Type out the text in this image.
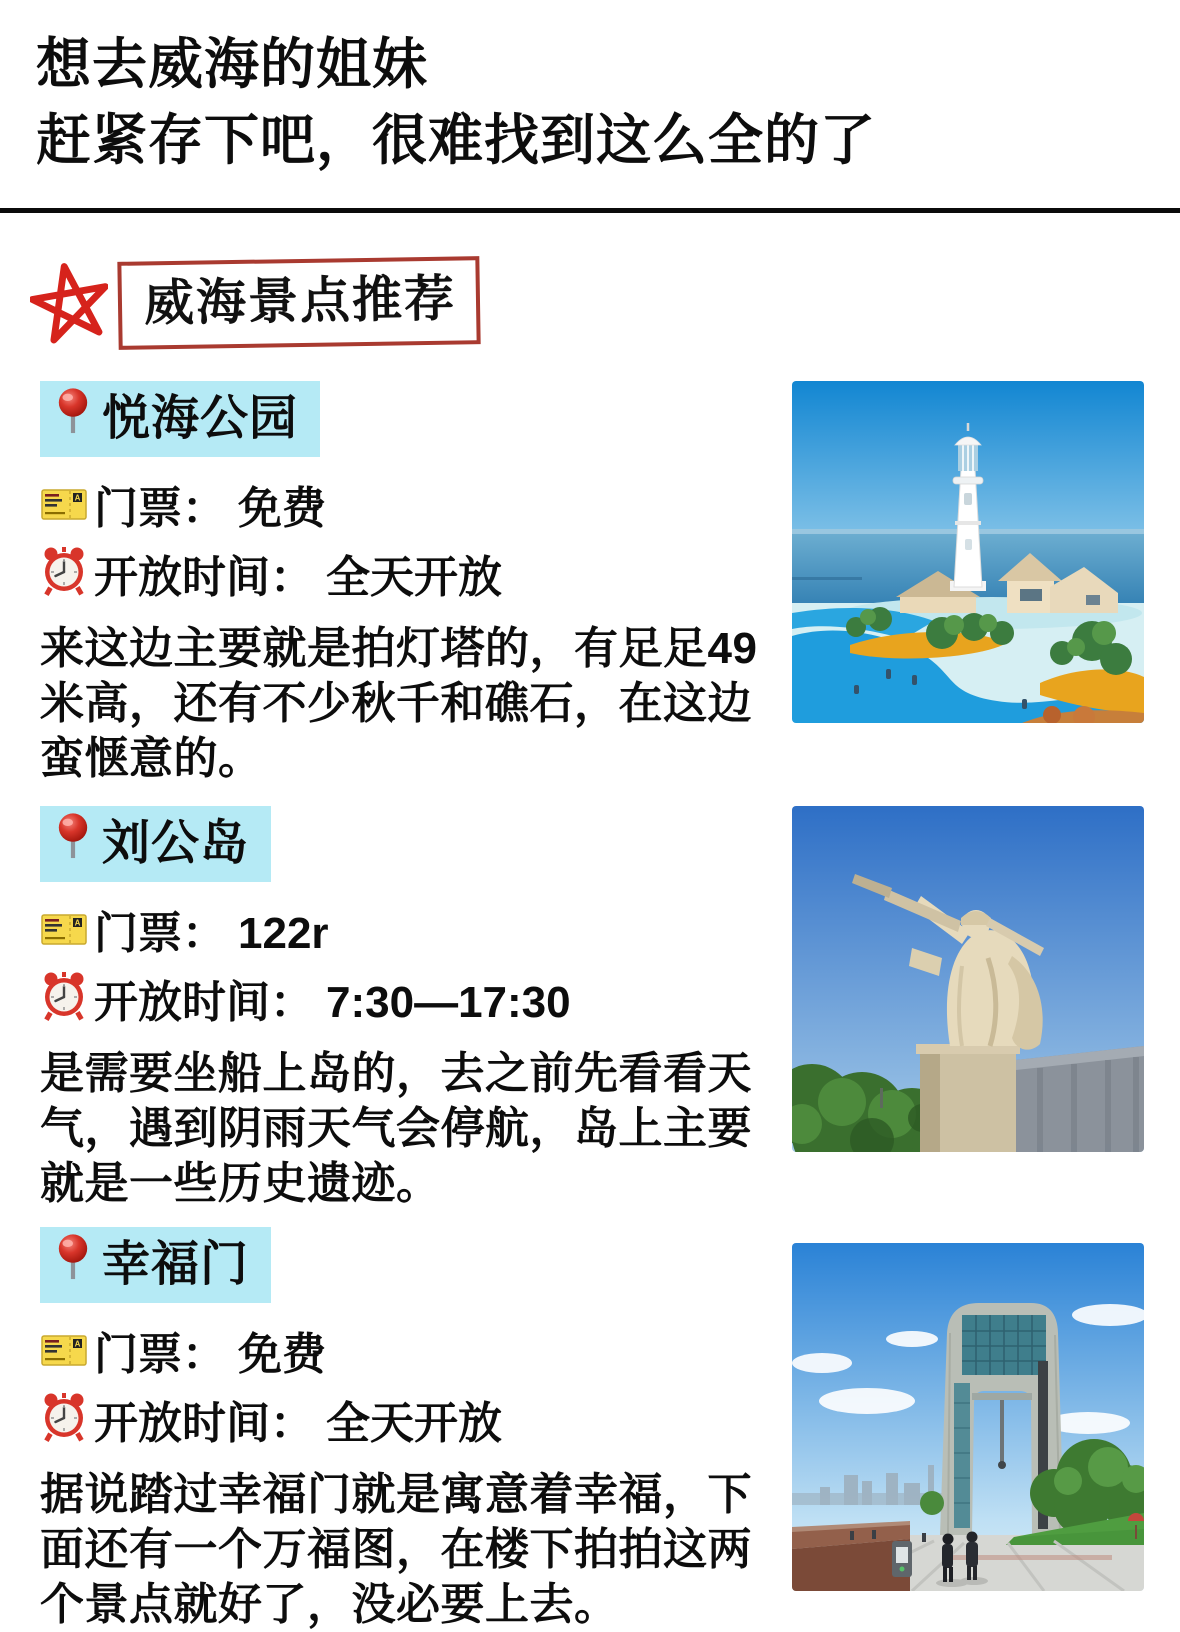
想去威海的姐妹
赶紧存下吧，很难找到这么全的了
威海景点推荐
悦海公园
A 门票： 免费
开放时间： 全天开放
来这边主要就是拍灯塔的，有足足49
米高，还有不少秋千和礁石，在这边
蛮惬意的。
刘公岛
A 门票： 122r
开放时间： 7:30—17:30
是需要坐船上岛的，去之前先看看天
气，遇到阴雨天气会停航，岛上主要
就是一些历史遗迹。
幸福门
A 门票： 免费
开放时间： 全天开放
据说踏过幸福门就是寓意着幸福，下
面还有一个万福图，在楼下拍拍这两
个景点就好了，没必要上去。
